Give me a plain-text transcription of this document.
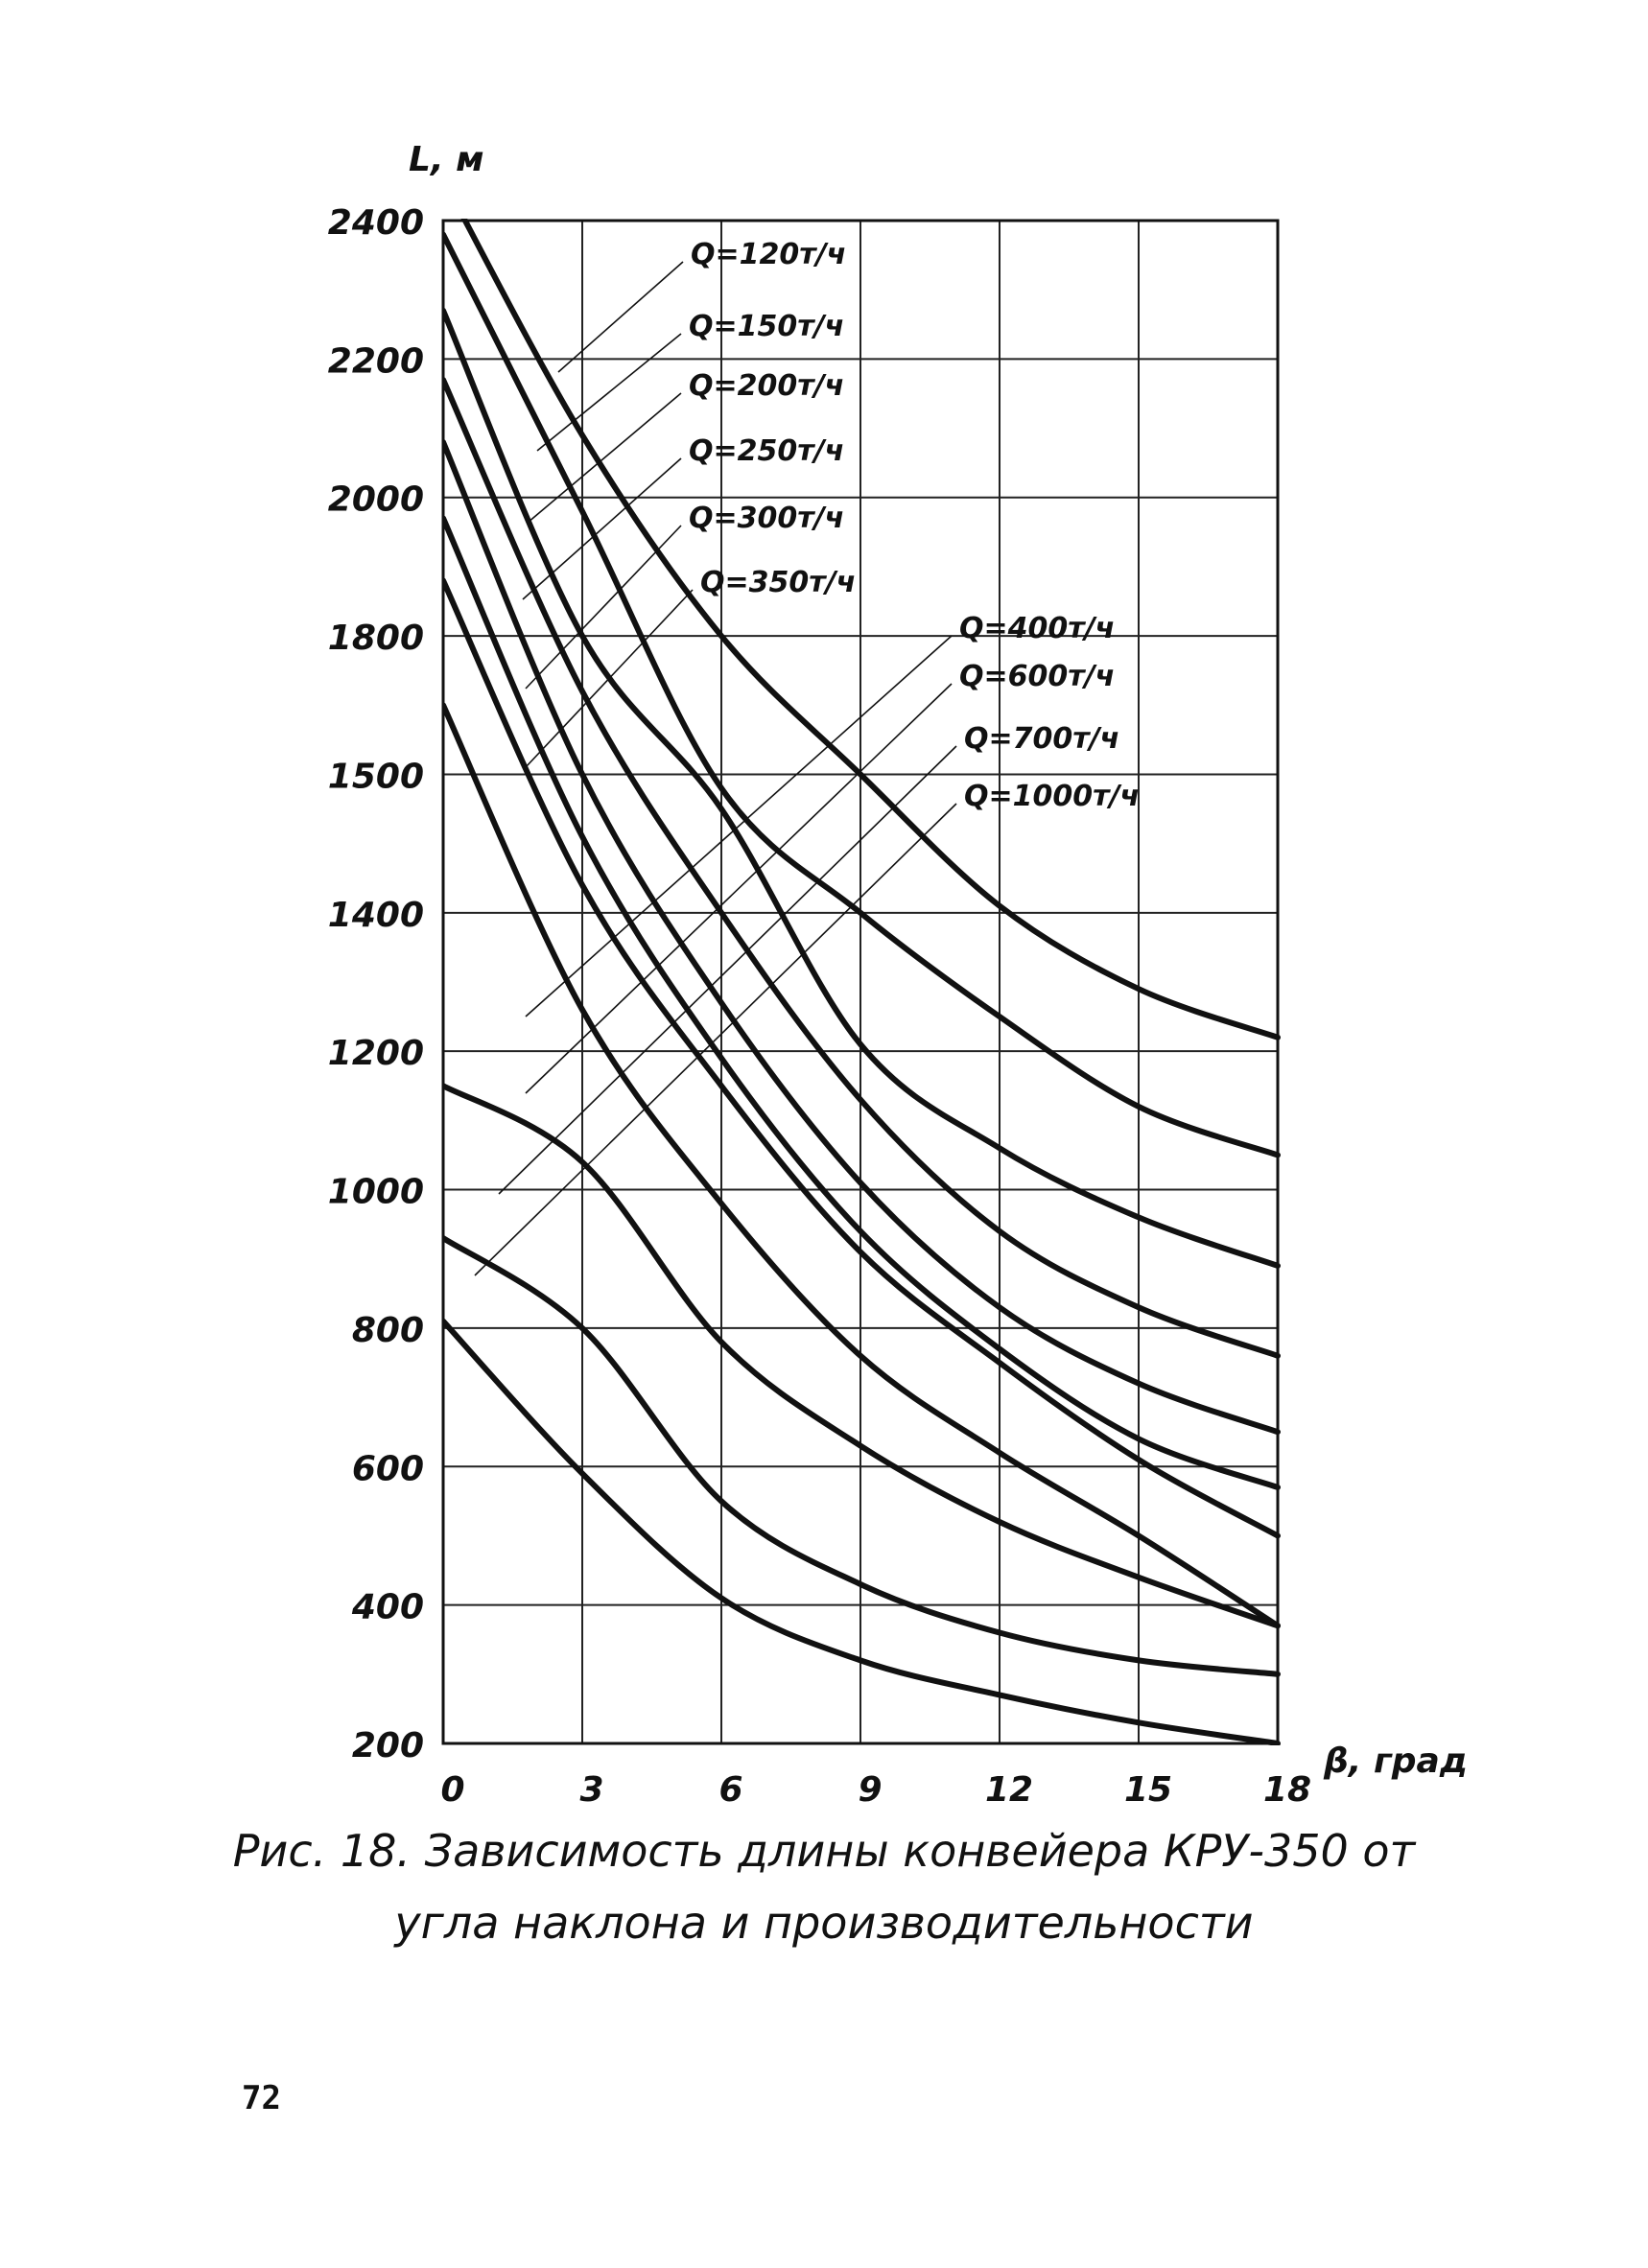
Q=120т/ч
Q=150т/ч
Q=200т/ч
Q=250т/ч
Q=300т/ч
Q=350т/ч
Q=400т/ч
Q=600т/ч
Q=700т/ч
Q=1000т/ч
0	3	6	9	12	15	18
200
400
600
800
1000
1200
1400
1500
1800
2000
2200
2400
L, м
β, град
Рис. 18. Зависимость длины конвейера КРУ-350 от
угла наклона и производительности
72
